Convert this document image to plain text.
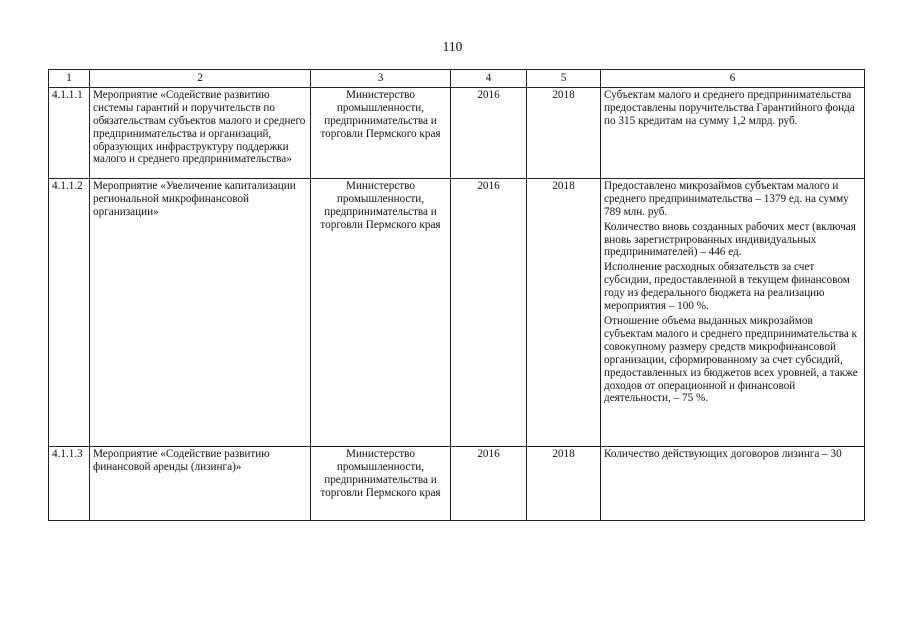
110
1	2	3	4	5	6
4.1.1.1	Мероприятие «Содействие развитию системы гарантий и поручительств по обязательствам субъектов малого и среднего предпринимательства и организаций, образующих инфраструктуру поддержки малого и среднего предпринимательства»	Министерство промышленности, предпринимательства и торговли Пермского края	2016	2018	Субъектам малого и среднего предпринимательства предоставлены поручительства Гарантийного фонда по 315 кредитам на сумму 1,2 млрд. руб.

4.1.1.2	Мероприятие «Увеличение капитализации региональной микрофинансовой организации»	Министерство промышленности, предпринимательства и торговли Пермского края	2016	2018	Предоставлено микрозаймов субъектам малого и среднего предпринимательства – 1379 ед. на сумму 789 млн. руб.
Количество вновь созданных рабочих мест (включая вновь зарегистрированных индивидуальных предпринимателей) – 446 ед.
Исполнение расходных обязательств за счет субсидии, предоставленной в текущем финансовом году из федерального бюджета на реализацию мероприятия – 100 %.
Отношение объема выданных микрозаймов субъектам малого и среднего предпринимательства к совокупному размеру средств микрофинансовой организации, сформированному за счет субсидий, предоставленных из бюджетов всех уровней, а также доходов от операционной и финансовой деятельности, – 75 %.

4.1.1.3	Мероприятие «Содействие развитию финансовой аренды (лизинга)»	Министерство промышленности, предпринимательства и торговли Пермского края	2016	2018	Количество действующих договоров лизинга – 30
